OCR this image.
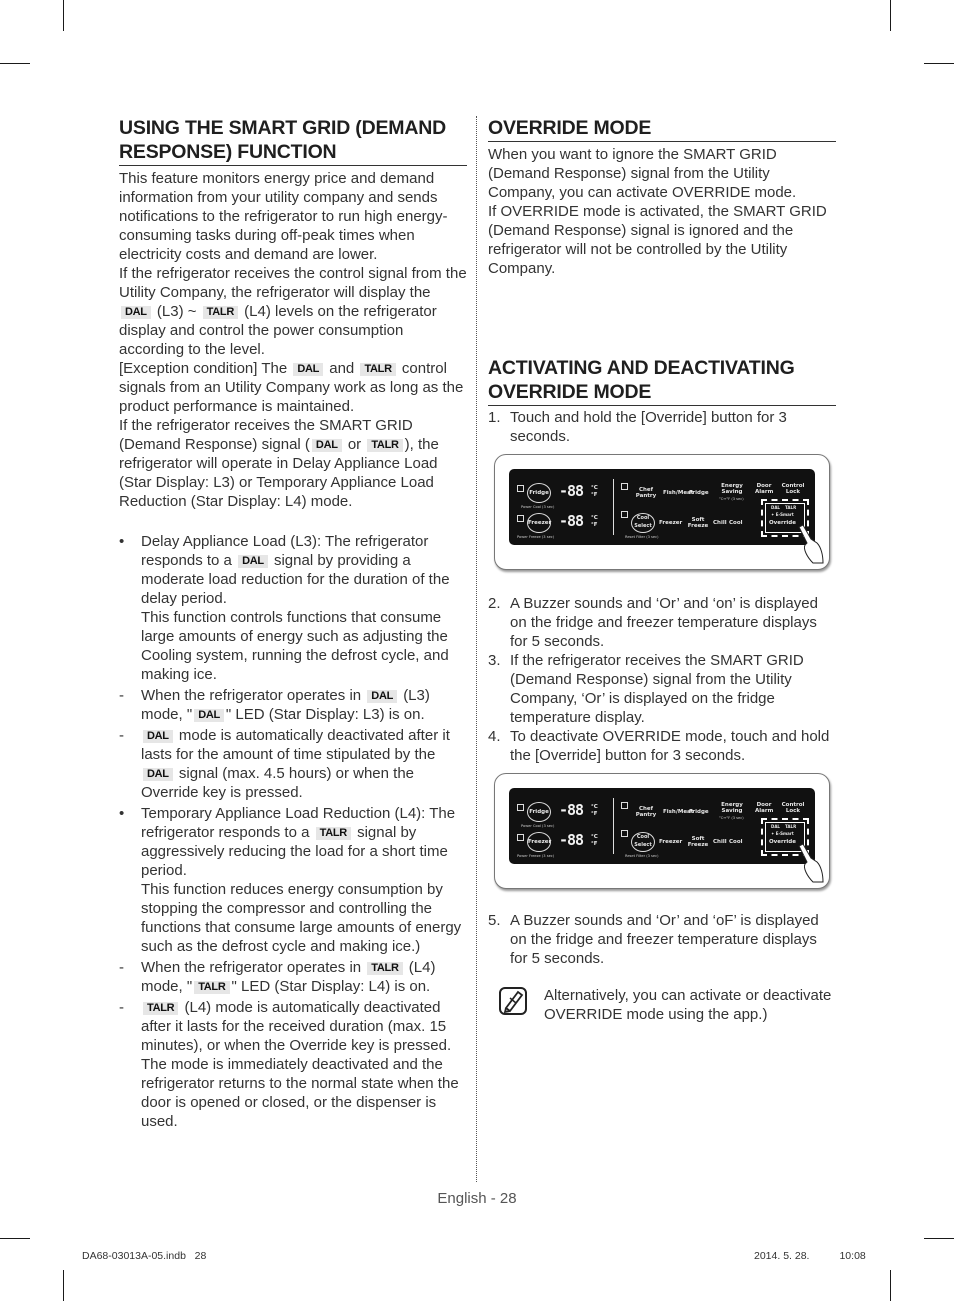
USING THE SMART GRID (DEMAND RESPONSE) FUNCTION

This feature monitors energy price and demand information from your utility company and sends notifications to the refrigerator to run high energy-consuming tasks during off-peak times when electricity costs and demand are lower.

If the refrigerator receives the control signal from the Utility Company, the refrigerator will display the DAL (L3) ~ TALR (L4) levels on the refrigerator display and control the power consumption according to the level.

[Exception condition] The DAL and TALR control signals from an Utility Company work as long as the product performance is maintained.

If the refrigerator receives the SMART GRID (Demand Response) signal ( DAL or TALR ), the refrigerator will operate in Delay Appliance Load (Star Display: L3) or Temporary Appliance Load Reduction (Star Display: L4) mode.

•	Delay Appliance Load (L3): The refrigerator responds to a DAL signal by providing a moderate load reduction for the duration of the delay period.
This function controls functions that consume large amounts of energy such as adjusting the Cooling system, running the defrost cycle, and making ice.
-	When the refrigerator operates in DAL (L3) mode, " DAL " LED (Star Display: L3) is on.
-	DAL mode is automatically deactivated after it lasts for the amount of time stipulated by the DAL signal (max. 4.5 hours) or when the Override key is pressed.
•	Temporary Appliance Load Reduction (L4): The refrigerator responds to a TALR signal by aggressively reducing the load for a short time period.
This function reduces energy consumption by stopping the compressor and controlling the functions that consume large amounts of energy such as the defrost cycle and making ice.)
-	When the refrigerator operates in TALR (L4) mode, " TALR " LED (Star Display: L4) is on.
-	TALR (L4) mode is automatically deactivated after it lasts for the received duration (max. 15 minutes), or when the Override key is pressed. The mode is immediately deactivated and the refrigerator returns to the normal state when the door is opened or closed, or the dispenser is used.
OVERRIDE MODE

When you want to ignore the SMART GRID (Demand Response) signal from the Utility Company, you can activate OVERRIDE mode.

If OVERRIDE mode is activated, the SMART GRID (Demand Response) signal is ignored and the refrigerator will not be controlled by the Utility Company.

ACTIVATING AND DEACTIVATING OVERRIDE MODE
1. Touch and hold the [Override] button for 3 seconds.
Fridge -88 °C
°F
Power Cool (3 sec)
Freezer -88 °C
°F
Power Freeze (3 sec)
Chef Pantry	Fish/Meat
Fridge
Cool Select
Reset Filter (3 sec)
Freezer	Soft Freeze Chill Cool
Energy Saving
°C↔°F (3 sec)
Door Alarm
Control Lock
DAL TALR
✦ E-Smart
Override
2. A Buzzer sounds and ‘Or’ and ‘on’ is displayed on the fridge and freezer temperature displays for 5 seconds.
3. If the refrigerator receives the SMART GRID (Demand Response) signal from the Utility Company, ‘Or’ is displayed on the fridge temperature display.
4. To deactivate OVERRIDE mode, touch and hold the [Override] button for 3 seconds.
Fridge -88 °C
°F
Power Cool (3 sec)
Freezer -88 °C
°F
Power Freeze (3 sec)
Chef Pantry	Fish/Meat
Fridge
Cool Select
Reset Filter (3 sec)
Freezer	Soft Freeze Chill Cool
Energy Saving
°C↔°F (3 sec)
Door Alarm
Control Lock
DAL TALR
✦ E-Smart
Override
5. A Buzzer sounds and ‘Or’ and ‘oF’ is displayed on the fridge and freezer temperature displays for 5 seconds.

Alternatively, you can activate or deactivate OVERRIDE mode using the app.)

English - 28
DA68-03013A-05.indb   28	2014. 5. 28.	10:08
